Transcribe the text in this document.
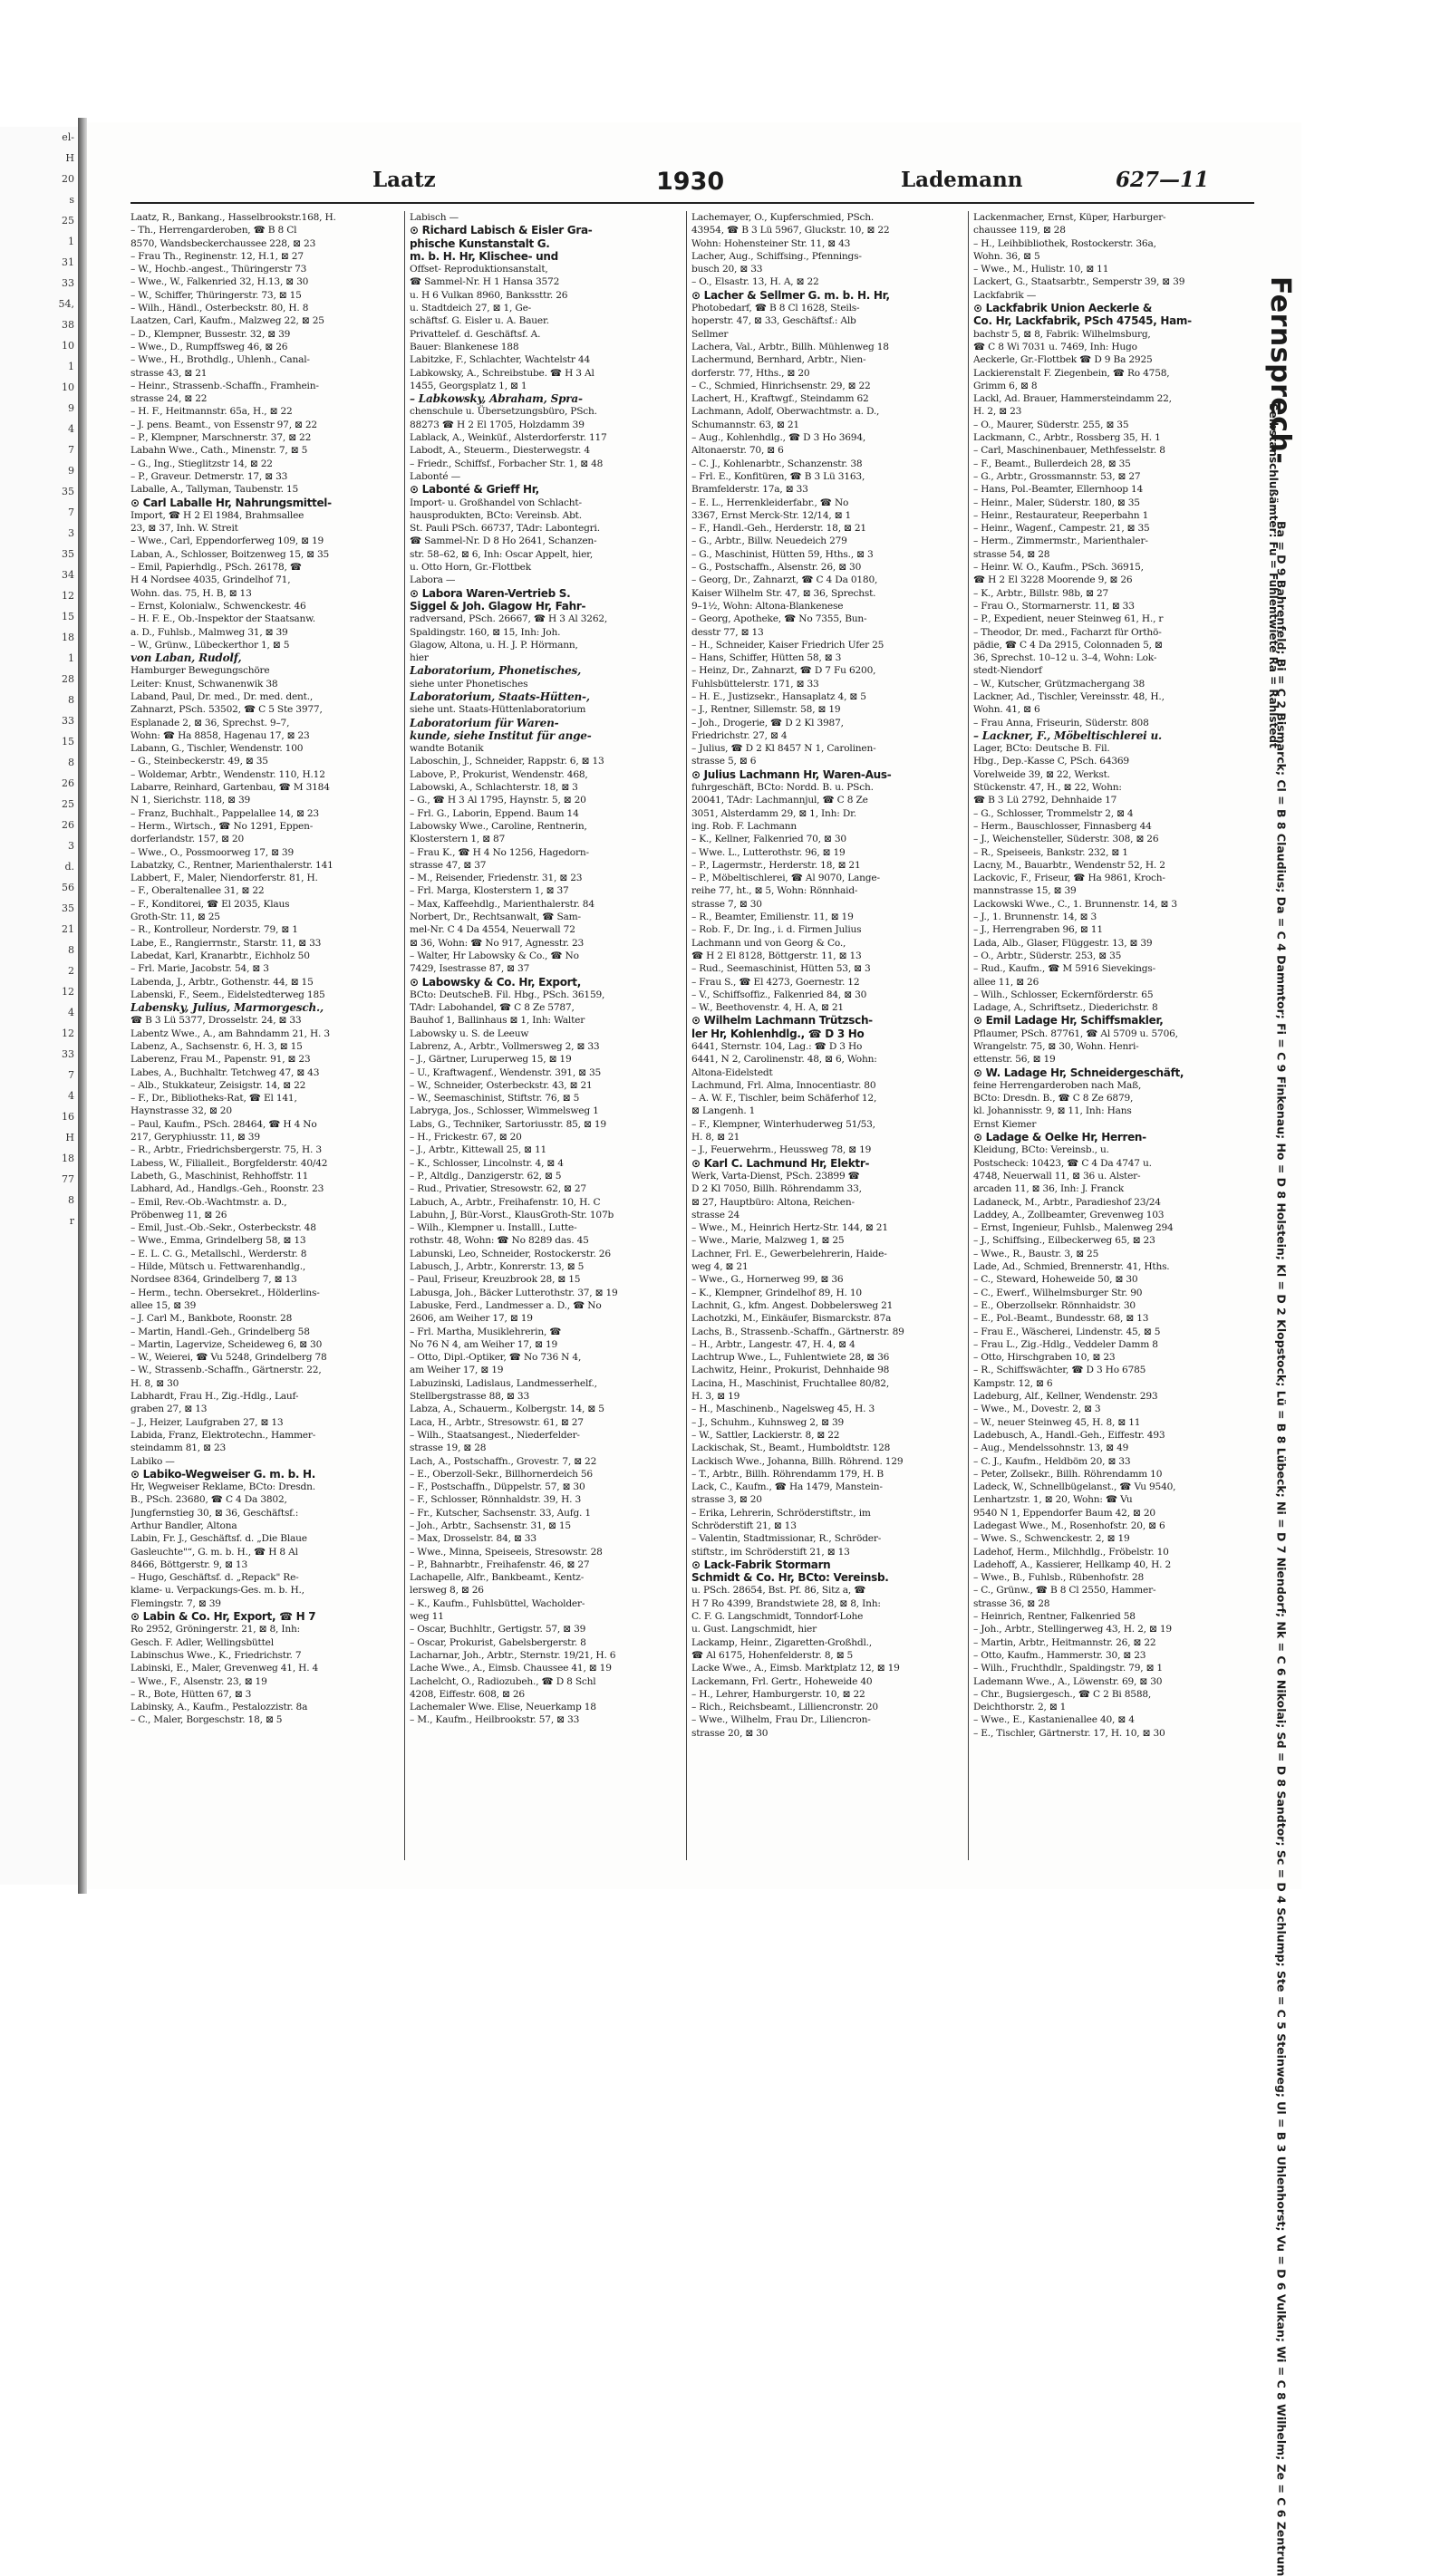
el-
H
20
s
25
1
31
33
54,
38
10
1
10
9
4
7
9
35
7
3
35
34
12
15
18
1
28
8
33
15
8
26
25
26
3
d.
56
35
21
8
2
12
4
12
33
7
4
16
H
18
77
8
r
Laatz	1930	Lademann	627—11
Laatz, R., Bankang., Hasselbrookstr.168, H.
– Th., Herrengarderoben, ☎ B 8 Cl
8570, Wandsbeckerchaussee 228, ⊠ 23
– Frau Th., Reginenstr. 12, H.1, ⊠ 27
– W., Hochb.-angest., Thüringerstr 73
– Wwe., W., Falkenried 32, H.13, ⊠ 30
– W., Schiffer, Thüringerstr. 73, ⊠ 15
– Wilh., Händl., Osterbeckstr. 80, H. 8
Laatzen, Carl, Kaufm., Malzweg 22, ⊠ 25
– D., Klempner, Bussestr. 32, ⊠ 39
– Wwe., D., Rumpffsweg 46, ⊠ 26
– Wwe., H., Brothdlg., Uhlenh., Canal-
strasse 43, ⊠ 21
– Heinr., Strassenb.-Schaffn., Framhein-
strasse 24, ⊠ 22
– H. F., Heitmannstr. 65a, H., ⊠ 22
– J. pens. Beamt., von Essenstr 97, ⊠ 22
– P., Klempner, Marschnerstr. 37, ⊠ 22
Labahn Wwe., Cath., Minenstr. 7, ⊠ 5
– G., Ing., Stieglitzstr 14, ⊠ 22
– P., Graveur. Detmerstr. 17, ⊠ 33
Laballe, A., Tallyman, Taubenstr. 15
⊙ Carl Laballe Hr, Nahrungsmittel-
Import, ☎ H 2 El 1984, Brahmsallee
23, ⊠ 37, Inh. W. Streit
– Wwe., Carl, Eppendorferweg 109, ⊠ 19
Laban, A., Schlosser, Boitzenweg 15, ⊠ 35
– Emil, Papierhdlg., PSch. 26178, ☎
H 4 Nordsee 4035, Grindelhof 71,
Wohn. das. 75, H. B, ⊠ 13
– Ernst, Kolonialw., Schwenckestr. 46
– H. F. E., Ob.-Inspektor der Staatsanw.
a. D., Fuhlsb., Malmweg 31, ⊠ 39
– W., Grünw., Lübeckerthor 1, ⊠ 5
von Laban, Rudolf,
Hamburger Bewegungschöre
Leiter: Knust, Schwanenwik 38
Laband, Paul, Dr. med., Dr. med. dent.,
Zahnarzt, PSch. 53502, ☎ C 5 Ste 3977,
Esplanade 2, ⊠ 36, Sprechst. 9–7,
Wohn: ☎ Ha 8858, Hagenau 17, ⊠ 23
Labann, G., Tischler, Wendenstr. 100
– G., Steinbeckerstr. 49, ⊠ 35
– Woldemar, Arbtr., Wendenstr. 110, H.12
Labarre, Reinhard, Gartenbau, ☎ M 3184
N 1, Sierichstr. 118, ⊠ 39
– Franz, Buchhalt., Pappelallee 14, ⊠ 23
– Herm., Wirtsch., ☎ No 1291, Eppen-
dorferlandstr. 157, ⊠ 20
– Wwe., O., Possmoorweg 17, ⊠ 39
Labatzky, C., Rentner, Marienthalerstr. 141
Labbert, F., Maler, Niendorferstr. 81, H.
– F., Oberaltenallee 31, ⊠ 22
– F., Konditorei, ☎ El 2035, Klaus
Groth-Str. 11, ⊠ 25
– R., Kontrolleur, Norderstr. 79, ⊠ 1
Labe, E., Rangierrnstr., Starstr. 11, ⊠ 33
Labedat, Karl, Kranarbtr., Eichholz 50
– Frl. Marie, Jacobstr. 54, ⊠ 3
Labenda, J., Arbtr., Gothenstr. 44, ⊠ 15
Labenski, F., Seem., Eidelstedterweg 185
Labensky, Julius, Marmorgesch.,
☎ B 3 Lü 5377, Drosselstr. 24, ⊠ 33
Labentz Wwe., A., am Bahndamm 21, H. 3
Labenz, A., Sachsenstr. 6, H. 3, ⊠ 15
Laberenz, Frau M., Papenstr. 91, ⊠ 23
Labes, A., Buchhaltr. Tetchweg 47, ⊠ 43
– Alb., Stukkateur, Zeisigstr. 14, ⊠ 22
– F., Dr., Bibliotheks-Rat, ☎ El 141,
Haynstrasse 32, ⊠ 20
– Paul, Kaufm., PSch. 28464, ☎ H 4 No
217, Geryphiusstr. 11, ⊠ 39
– R., Arbtr., Friedrichsbergerstr. 75, H. 3
Labess, W., Filialleit., Borgfelderstr. 40/42
Labeth, G., Maschinist, Rehhoffstr. 11
Labhard, Ad., Handlgs.-Geh., Roonstr. 23
– Emil, Rev.-Ob.-Wachtmstr. a. D.,
Pröbenweg 11, ⊠ 26
– Emil, Just.-Ob.-Sekr., Osterbeckstr. 48
– Wwe., Emma, Grindelberg 58, ⊠ 13
– E. L. C. G., Metallschl., Werderstr. 8
– Hilde, Mütsch u. Fettwarenhandlg.,
Nordsee 8364, Grindelberg 7, ⊠ 13
– Herm., techn. Obersekret., Hölderlins-
allee 15, ⊠ 39
– J. Carl M., Bankbote, Roonstr. 28
– Martin, Handl.-Geh., Grindelberg 58
– Martin, Lagervize, Scheideweg 6, ⊠ 30
– W., Weierei, ☎ Vu 5248, Grindelberg 78
– W., Strassenb.-Schaffn., Gärtnerstr. 22,
H. 8, ⊠ 30
Labhardt, Frau H., Zig.-Hdlg., Lauf-
graben 27, ⊠ 13
– J., Heizer, Laufgraben 27, ⊠ 13
Labida, Franz, Elektrotechn., Hammer-
steindamm 81, ⊠ 23
Labiko —
⊙ Labiko-Wegweiser G. m. b. H.
Hr, Wegweiser Reklame, BCto: Dresdn.
B., PSch. 23680, ☎ C 4 Da 3802,
Jungfernstieg 30, ⊠ 36, Geschäftsf.:
Arthur Bandler, Altona
Labin, Fr. J., Geschäftsf. d. „Die Blaue
Gasleuchte"“, G. m. b. H., ☎ H 8 Al
8466, Böttgerstr. 9, ⊠ 13
– Hugo, Geschäftsf. d. „Repack" Re-
klame- u. Verpackungs-Ges. m. b. H.,
Flemingstr. 7, ⊠ 39
⊙ Labin & Co. Hr, Export, ☎ H 7
Ro 2952, Gröningerstr. 21, ⊠ 8, Inh:
Gesch. F. Adler, Wellingsbüttel
Labinschus Wwe., K., Friedrichstr. 7
Labinski, E., Maler, Grevenweg 41, H. 4
– Wwe., F., Alsenstr. 23, ⊠ 19
– R., Bote, Hütten 67, ⊠ 3
Labinsky, A., Kaufm., Pestalozzistr. 8a
– C., Maler, Borgeschstr. 18, ⊠ 5
Labisch —
⊙ Richard Labisch & Eisler Gra-
phische Kunstanstalt G.
m. b. H. Hr, Klischee- und
Offset- Reproduktionsanstalt,
☎ Sammel-Nr. H 1 Hansa 3572
u. H 6 Vulkan 8960, Bankssttr. 26
u. Stadtdeich 27, ⊠ 1, Ge-
schäftsf. G. Eisler u. A. Bauer.
Privattelef. d. Geschäftsf. A.
Bauer: Blankenese 188
Labitzke, F., Schlachter, Wachtelstr 44
Labkowsky, A., Schreibstube. ☎ H 3 Al
1455, Georgsplatz 1, ⊠ 1
– Labkowsky, Abraham, Spra-
chenschule u. Übersetzungsbüro, PSch.
88273 ☎ H 2 El 1705, Holzdamm 39
Lablack, A., Weinküf., Alsterdorferstr. 117
Labodt, A., Steuerm., Diesterwegstr. 4
– Friedr., Schiffsf., Forbacher Str. 1, ⊠ 48
Labonté —
⊙ Labonté & Grieff Hr,
Import- u. Großhandel von Schlacht-
hausprodukten, BCto: Vereinsb. Abt.
St. Pauli PSch. 66737, TAdr: Labontegri.
☎ Sammel-Nr. D 8 Ho 2641, Schanzen-
str. 58–62, ⊠ 6, Inh: Oscar Appelt, hier,
u. Otto Horn, Gr.-Flottbek
Labora —
⊙ Labora Waren-Vertrieb S.
Siggel & Joh. Glagow Hr, Fahr-
radversand, PSch. 26667, ☎ H 3 Al 3262,
Spaldingstr. 160, ⊠ 15, Inh: Joh.
Glagow, Altona, u. H. J. P. Hörmann,
hier
Laboratorium, Phonetisches,
siehe unter Phonetisches
Laboratorium, Staats-Hütten-,
siehe unt. Staats-Hüttenlaboratorium
Laboratorium für Waren-
kunde, siehe Institut für ange-
wandte Botanik
Laboschin, J., Schneider, Rappstr. 6, ⊠ 13
Labove, P., Prokurist, Wendenstr. 468,
Labowski, A., Schlachterstr. 18, ⊠ 3
– G., ☎ H 3 Al 1795, Haynstr. 5, ⊠ 20
– Frl. G., Laborin, Eppend. Baum 14
Labowsky Wwe., Caroline, Rentnerin,
Klosterstern 1, ⊠ 87
– Frau K., ☎ H 4 No 1256, Hagedorn-
strasse 47, ⊠ 37
– M., Reisender, Friedenstr. 31, ⊠ 23
– Frl. Marga, Klosterstern 1, ⊠ 37
– Max, Kaffeehdlg., Marienthalerstr. 84
Norbert, Dr., Rechtsanwalt, ☎ Sam-
mel-Nr. C 4 Da 4554, Neuerwall 72
⊠ 36, Wohn: ☎ No 917, Agnesstr. 23
– Walter, Hr Labowsky & Co., ☎ No
7429, Isestrasse 87, ⊠ 37
⊙ Labowsky & Co. Hr, Export,
BCto: DeutscheB. Fil. Hbg., PSch. 36159,
TAdr: Labohandel, ☎ C 8 Ze 5787,
Bauhof 1, Ballinhaus ⊠ 1, Inh: Walter
Labowsky u. S. de Leeuw
Labrenz, A., Arbtr., Vollmersweg 2, ⊠ 33
– J., Gärtner, Luruperweg 15, ⊠ 19
– U., Kraftwagenf., Wendenstr. 391, ⊠ 35
– W., Schneider, Osterbeckstr. 43, ⊠ 21
– W., Seemaschinist, Stiftstr. 76, ⊠ 5
Labryga, Jos., Schlosser, Wimmelsweg 1
Labs, G., Techniker, Sartoriusstr. 85, ⊠ 19
– H., Frickestr. 67, ⊠ 20
– J., Arbtr., Kittewall 25, ⊠ 11
– K., Schlosser, Lincolnstr. 4, ⊠ 4
– P., Altdlg., Danzigerstr. 62, ⊠ 5
– Rud., Privatier, Stresowstr. 62, ⊠ 27
Labuch, A., Arbtr., Freihafenstr. 10, H. C
Labuhn, J, Bür.-Vorst., KlausGroth-Str. 107b
– Wilh., Klempner u. Installl., Lutte-
rothstr. 48, Wohn: ☎ No 8289 das. 45
Labunski, Leo, Schneider, Rostockerstr. 26
Labusch, J., Arbtr., Konrerstr. 13, ⊠ 5
– Paul, Friseur, Kreuzbrook 28, ⊠ 15
Labusga, Joh., Bäcker Lutterothstr. 37, ⊠ 19
Labuske, Ferd., Landmesser a. D., ☎ No
2606, am Weiher 17, ⊠ 19
– Frl. Martha, Musiklehrerin, ☎
No 76 N 4, am Weiher 17, ⊠ 19
– Otto, Dipl.-Optiker, ☎ No 736 N 4,
am Weiher 17, ⊠ 19
Labuzinski, Ladislaus, Landmesserhelf.,
Stellbergstrasse 88, ⊠ 33
Labza, A., Schauerm., Kolbergstr. 14, ⊠ 5
Laca, H., Arbtr., Stresowstr. 61, ⊠ 27
– Wilh., Staatsangest., Niederfelder-
strasse 19, ⊠ 28
Lach, A., Postschaffn., Grovestr. 7, ⊠ 22
– E., Oberzoll-Sekr., Billhornerdeich 56
– F., Postschaffn., Düppelstr. 57, ⊠ 30
– F., Schlosser, Rönnhaldstr. 39, H. 3
– Fr., Kutscher, Sachsenstr. 33, Aufg. 1
– Joh., Arbtr., Sachsenstr. 31, ⊠ 15
– Max, Drosselstr. 84, ⊠ 33
– Wwe., Minna, Speiseeis, Stresowstr. 28
– P., Bahnarbtr., Freihafenstr. 46, ⊠ 27
Lachapelle, Alfr., Bankbeamt., Kentz-
lersweg 8, ⊠ 26
– K., Kaufm., Fuhlsbüttel, Wacholder-
weg 11
– Oscar, Buchhltr., Gertigstr. 57, ⊠ 39
– Oscar, Prokurist, Gabelsbergerstr. 8
Lacharnar, Joh., Arbtr., Sternstr. 19/21, H. 6
Lache Wwe., A., Eimsb. Chaussee 41, ⊠ 19
Lachelcht, O., Radiozubeh., ☎ D 8 Schl
4208, Eiffestr. 608, ⊠ 26
Lachemaler Wwe. Elise, Neuerkamp 18
– M., Kaufm., Heilbrookstr. 57, ⊠ 33
Lachemayer, O., Kupferschmied, PSch.
43954, ☎ B 3 Lü 5967, Gluckstr. 10, ⊠ 22
Wohn: Hohensteiner Str. 11, ⊠ 43
Lacher, Aug., Schiffsing., Pfennings-
busch 20, ⊠ 33
– O., Elsastr. 13, H. A, ⊠ 22
⊙ Lacher & Sellmer G. m. b. H. Hr,
Photobedarf, ☎ B 8 Cl 1628, Steils-
hoperstr. 47, ⊠ 33, Geschäftsf.: Alb
Sellmer
Lachera, Val., Arbtr., Billh. Mühlenweg 18
Lachermund, Bernhard, Arbtr., Nien-
dorferstr. 77, Hths., ⊠ 20
– C., Schmied, Hinrichsenstr. 29, ⊠ 22
Lachert, H., Kraftwgf., Steindamm 62
Lachmann, Adolf, Oberwachtmstr. a. D.,
Schumannstr. 63, ⊠ 21
– Aug., Kohlenhdlg., ☎ D 3 Ho 3694,
Altonaerstr. 70, ⊠ 6
– C. J., Kohlenarbtr., Schanzenstr. 38
– Frl. E., Konfitüren, ☎ B 3 Lü 3163,
Bramfelderstr. 17a, ⊠ 33
– E. L., Herrenkleiderfabr., ☎ No
3367, Ernst Merck-Str. 12/14, ⊠ 1
– F., Handl.-Geh., Herderstr. 18, ⊠ 21
– G., Arbtr., Billw. Neuedeich 279
– G., Maschinist, Hütten 59, Hths., ⊠ 3
– G., Postschaffn., Alsenstr. 26, ⊠ 30
– Georg, Dr., Zahnarzt, ☎ C 4 Da 0180,
Kaiser Wilhelm Str. 47, ⊠ 36, Sprechst.
9–1½, Wohn: Altona-Blankenese
– Georg, Apotheke, ☎ No 7355, Bun-
desstr 77, ⊠ 13
– H., Schneider, Kaiser Friedrich Ufer 25
– Hans, Schiffer, Hütten 58, ⊠ 3
– Heinz, Dr., Zahnarzt, ☎ D 7 Fu 6200,
Fuhlsbüttelerstr. 171, ⊠ 33
– H. E., Justizsekr., Hansaplatz 4, ⊠ 5
– J., Rentner, Sillemstr. 58, ⊠ 19
– Joh., Drogerie, ☎ D 2 Kl 3987,
Friedrichstr. 27, ⊠ 4
– Julius, ☎ D 2 Kl 8457 N 1, Carolinen-
strasse 5, ⊠ 6
⊙ Julius Lachmann Hr, Waren-Aus-
fuhrgeschäft, BCto: Nordd. B. u. PSch.
20041, TAdr: Lachmannjul, ☎ C 8 Ze
3051, Alsterdamm 29, ⊠ 1, Inh: Dr.
ing. Rob. F. Lachmann
– K., Kellner, Falkenried 70, ⊠ 30
– Wwe. L., Lutterothstr. 96, ⊠ 19
– P., Lagermstr., Herderstr. 18, ⊠ 21
– P., Möbeltischlerei, ☎ Al 9070, Lange-
reihe 77, ht., ⊠ 5, Wohn: Rönnhaid-
strasse 7, ⊠ 30
– R., Beamter, Emilienstr. 11, ⊠ 19
– Rob. F., Dr. Ing., i. d. Firmen Julius
Lachmann und von Georg & Co.,
☎ H 2 El 8128, Böttgerstr. 11, ⊠ 13
– Rud., Seemaschinist, Hütten 53, ⊠ 3
– Frau S., ☎ El 4273, Goernestr. 12
– V., Schiffsoffiz., Falkenried 84, ⊠ 30
– W., Beethovenstr. 4, H. A, ⊠ 21
⊙ Wilhelm Lachmann Trützsch-
ler Hr, Kohlenhdlg., ☎ D 3 Ho
6441, Sternstr. 104, Lag.: ☎ D 3 Ho
6441, N 2, Carolinenstr. 48, ⊠ 6, Wohn:
Altona-Eidelstedt
Lachmund, Frl. Alma, Innocentiastr. 80
– A. W. F., Tischler, beim Schäferhof 12,
⊠ Langenh. 1
– F., Klempner, Winterhuderweg 51/53,
H. 8, ⊠ 21
– J., Feuerwehrm., Heussweg 78, ⊠ 19
⊙ Karl C. Lachmund Hr, Elektr-
Werk, Varta-Dienst, PSch. 23899 ☎
D 2 Kl 7050, Billh. Röhrendamm 33,
⊠ 27, Hauptbüro: Altona, Reichen-
strasse 24
– Wwe., M., Heinrich Hertz-Str. 144, ⊠ 21
– Wwe., Marie, Malzweg 1, ⊠ 25
Lachner, Frl. E., Gewerbelehrerin, Haide-
weg 4, ⊠ 21
– Wwe., G., Hornerweg 99, ⊠ 36
– K., Klempner, Grindelhof 89, H. 10
Lachnit, G., kfm. Angest. Dobbelersweg 21
Lachotzki, M., Einkäufer, Bismarckstr. 87a
Lachs, B., Strassenb.-Schaffn., Gärtnerstr. 89
– H., Arbtr., Langestr. 47, H. 4, ⊠ 4
Lachtrup Wwe., L., Fuhlentwiete 28, ⊠ 36
Lachwitz, Heinr., Prokurist, Dehnhaide 98
Lacina, H., Maschinist, Fruchtallee 80/82,
H. 3, ⊠ 19
– H., Maschinenb., Nagelsweg 45, H. 3
– J., Schuhm., Kuhnsweg 2, ⊠ 39
– W., Sattler, Lackierstr. 8, ⊠ 22
Lackischak, St., Beamt., Humboldtstr. 128
Lackisch Wwe., Johanna, Billh. Röhrend. 129
– T., Arbtr., Billh. Röhrendamm 179, H. B
Lack, C., Kaufm., ☎ Ha 1479, Manstein-
strasse 3, ⊠ 20
– Erika, Lehrerin, Schröderstiftstr., im
Schröderstift 21, ⊠ 13
– Valentin, Stadtmissionar, R., Schröder-
stiftstr., im Schröderstift 21, ⊠ 13
⊙ Lack-Fabrik Stormarn
Schmidt & Co. Hr, BCto: Vereinsb.
u. PSch. 28654, Bst. Pf. 86, Sitz a, ☎
H 7 Ro 4399, Brandstwiete 28, ⊠ 8, Inh:
C. F. G. Langschmidt, Tonndorf-Lohe
u. Gust. Langschmidt, hier
Lackamp, Heinr., Zigaretten-Großhdl.,
☎ Al 6175, Hohenfelderstr. 8, ⊠ 5
Lacke Wwe., A., Eimsb. Marktplatz 12, ⊠ 19
Lackemann, Frl. Gertr., Hoheweide 40
– H., Lehrer, Hamburgerstr. 10, ⊠ 22
– Rich., Reichsbeamt., Lilliencronstr. 20
– Wwe., Wilhelm, Frau Dr., Liliencron-
strasse 20, ⊠ 30
Lackenmacher, Ernst, Küper, Harburger-
chaussee 119, ⊠ 28
– H., Leihbibliothek, Rostockerstr. 36a,
Wohn. 36, ⊠ 5
– Wwe., M., Hulistr. 10, ⊠ 11
Lackert, G., Staatsarbtr., Semperstr 39, ⊠ 39
Lackfabrik —
⊙ Lackfabrik Union Aeckerle &
Co. Hr, Lackfabrik, PSch 47545, Ham-
bachstr 5, ⊠ 8, Fabrik: Wilhelmsburg,
☎ C 8 Wi 7031 u. 7469, Inh: Hugo
Aeckerle, Gr.-Flottbek ☎ D 9 Ba 2925
Lackierenstalt F. Ziegenbein, ☎ Ro 4758,
Grimm 6, ⊠ 8
Lackl, Ad. Brauer, Hammersteindamm 22,
H. 2, ⊠ 23
– O., Maurer, Süderstr. 255, ⊠ 35
Lackmann, C., Arbtr., Rossberg 35, H. 1
– Carl, Maschinenbauer, Methfesselstr. 8
– F., Beamt., Bullerdeich 28, ⊠ 35
– G., Arbtr., Grossmannstr. 53, ⊠ 27
– Hans, Pol.-Beamter, Ellernhoop 14
– Heinr., Maler, Süderstr. 180, ⊠ 35
– Heinr., Restaurateur, Reeperbahn 1
– Heinr., Wagenf., Campestr. 21, ⊠ 35
– Herm., Zimmermstr., Marienthaler-
strasse 54, ⊠ 28
– Heinr. W. O., Kaufm., PSch. 36915,
☎ H 2 El 3228 Moorende 9, ⊠ 26
– K., Arbtr., Billstr. 98b, ⊠ 27
– Frau O., Stormarnerstr. 11, ⊠ 33
– P., Expedient, neuer Steinweg 61, H., r
– Theodor, Dr. med., Facharzt für Orthö-
pädie, ☎ C 4 Da 2915, Colonnaden 5, ⊠
36, Sprechst. 10–12 u. 3–4, Wohn: Lok-
stedt-Niendorf
– W., Kutscher, Grützmachergang 38
Lackner, Ad., Tischler, Vereinsstr. 48, H.,
Wohn. 41, ⊠ 6
– Frau Anna, Friseurin, Süderstr. 808
– Lackner, F., Möbeltischlerei u.
Lager, BCto: Deutsche B. Fil.
Hbg., Dep.-Kasse C, PSch. 64369
Vorelweide 39, ⊠ 22, Werkst.
Stückenstr. 47, H., ⊠ 22, Wohn:
☎ B 3 Lü 2792, Dehnhaide 17
– G., Schlosser, Trommelstr 2, ⊠ 4
– Herm., Bauschlosser, Finnasberg 44
– J., Weichensteller, Süderstr. 308, ⊠ 26
– R., Speiseeis, Bankstr. 232, ⊠ 1
Lacny, M., Bauarbtr., Wendenstr 52, H. 2
Lackovic, F., Friseur, ☎ Ha 9861, Kroch-
mannstrasse 15, ⊠ 39
Lackowski Wwe., C., 1. Brunnenstr. 14, ⊠ 3
– J., 1. Brunnenstr. 14, ⊠ 3
– J., Herrengraben 96, ⊠ 11
Lada, Alb., Glaser, Flüggestr. 13, ⊠ 39
– O., Arbtr., Süderstr. 253, ⊠ 35
– Rud., Kaufm., ☎ M 5916 Sievekings-
allee 11, ⊠ 26
– Wilh., Schlosser, Eckernförderstr. 65
Ladage, A., Schriftsetz., Diederichstr. 8
⊙ Emil Ladage Hr, Schiffsmakler,
Pflaumer, PSch. 87761, ☎ Al 5709 u. 5706,
Wrangelstr. 75, ⊠ 30, Wohn. Henri-
ettenstr. 56, ⊠ 19
⊙ W. Ladage Hr, Schneidergeschäft,
feine Herrengarderoben nach Maß,
BCto: Dresdn. B., ☎ C 8 Ze 6879,
kl. Johannisstr. 9, ⊠ 11, Inh: Hans
Ernst Kiemer
⊙ Ladage & Oelke Hr, Herren-
Kleidung, BCto: Vereinsb., u.
Postscheck: 10423, ☎ C 4 Da 4747 u.
4748, Neuerwall 11, ⊠ 36 u. Alster-
arcaden 11, ⊠ 36, Inh: J. Franck
Ladaneck, M., Arbtr., Paradieshof 23/24
Laddey, A., Zollbeamter, Grevenweg 103
– Ernst, Ingenieur, Fuhlsb., Malenweg 294
– J., Schiffsing., Eilbeckerweg 65, ⊠ 23
– Wwe., R., Baustr. 3, ⊠ 25
Lade, Ad., Schmied, Brennerstr. 41, Hths.
– C., Steward, Hoheweide 50, ⊠ 30
– C., Ewerf., Wilhelmsburger Str. 90
– E., Oberzollsekr. Rönnhaidstr. 30
– E., Pol.-Beamt., Bundesstr. 68, ⊠ 13
– Frau E., Wäscherei, Lindenstr. 45, ⊠ 5
– Frau L., Zig.-Hdlg., Veddeler Damm 8
– Otto, Hirschgraben 10, ⊠ 23
– R., Schiffswächter, ☎ D 3 Ho 6785
Kampstr. 12, ⊠ 6
Ladeburg, Alf., Kellner, Wendenstr. 293
– Wwe., M., Dovestr. 2, ⊠ 3
– W., neuer Steinweg 45, H. 8, ⊠ 11
Ladebusch, A., Handl.-Geh., Eiffestr. 493
– Aug., Mendelssohnstr. 13, ⊠ 49
– C. J., Kaufm., Heldböm 20, ⊠ 33
– Peter, Zollsekr., Billh. Röhrendamm 10
Ladeck, W., Schnellbügelanst., ☎ Vu 9540,
Lenhartzstr. 1, ⊠ 20, Wohn: ☎ Vu
9540 N 1, Eppendorfer Baum 42, ⊠ 20
Ladegast Wwe., M., Rosenhofstr. 20, ⊠ 6
– Wwe. S., Schwenckestr. 2, ⊠ 19
Ladehof, Herm., Milchhdlg., Fröbelstr. 10
Ladehoff, A., Kassierer, Hellkamp 40, H. 2
– Wwe., B., Fuhlsb., Rübenhofstr. 28
– C., Grünw., ☎ B 8 Cl 2550, Hammer-
strasse 36, ⊠ 28
– Heinrich, Rentner, Falkenried 58
– Joh., Arbtr., Stellingerweg 43, H. 2, ⊠ 19
– Martin, Arbtr., Heitmannstr. 26, ⊠ 22
– Otto, Kaufm., Hammerstr. 30, ⊠ 23
– Wilh., Fruchthdlr., Spaldingstr. 79, ⊠ 1
Lademann Wwe., A., Löwenstr. 69, ⊠ 30
– Chr., Bugsiergesch., ☎ C 2 Bi 8588,
Deichthorstr. 2, ⊠ 1
– Wwe., E., Kastanienallee 40, ⊠ 4
– E., Tischler, Gärtnerstr. 17, H. 10, ⊠ 30
Fernsprech-
Selbstanschlußämter: Fu = Fuhlentwiete Ra = Rahlstedt
Ba = D 9 Bahrenfeld; Bi = C 2 Bismarck; Cl = B 8 Claudius; Da = C 4 Dammtor; Fi = C 9 Finkenau; Ho = D 8 Holstein; Kl = D 2 Klopstock; Lü = B 8 Lübeck; Ni = D 7 Niendorf; Nk = C 6 Nikolai; Sd = D 8 Sandtor; Sc = D 4 Schlump; Ste = C 5 Steinweg; Ul = B 3 Uhlenhorst; Vu = D 6 Vulkan; Wi = C 8 Wilhelm; Ze = C 6 Zentrum
